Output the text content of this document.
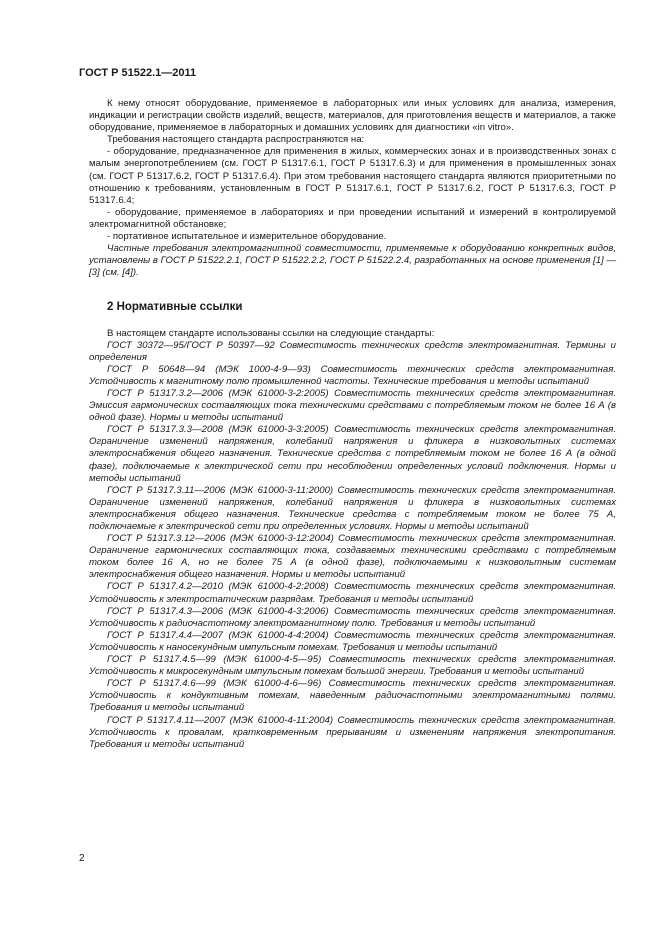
ГОСТ Р 51522.1—2011

К нему относят оборудование, применяемое в лабораторных или иных условиях для анализа, измерения, индикации и регистрации свойств изделий, веществ, материалов, для приготовления веществ и материалов, а также оборудование, применяемое в лабораторных и домашних условиях для диагностики «in vitro».

Требования настоящего стандарта распространяются на:

- оборудование, предназначенное для применения в жилых, коммерческих зонах и в производственных зонах с малым энергопотреблением (см. ГОСТ Р 51317.6.1, ГОСТ Р 51317.6.3) и для применения в промышленных зонах (см. ГОСТ Р 51317.6.2, ГОСТ Р 51317.6.4). При этом требования настоящего стандарта являются приоритетными по отношению к требованиям, установленным в ГОСТ Р 51317.6.1, ГОСТ Р 51317.6.2, ГОСТ Р 51317.6.3, ГОСТ Р 51317.6.4;

- оборудование, применяемое в лабораториях и при проведении испытаний и измерений в контролируемой электромагнитной обстановке;

- портативное испытательное и измерительное оборудование.

Частные требования электромагнитной совместимости, применяемые к оборудованию конкретных видов, установлены в ГОСТ Р 51522.2.1, ГОСТ Р 51522.2.2, ГОСТ Р 51522.2.4, разработанных на основе применения [1] — [3] (см. [4]).

2 Нормативные ссылки

В настоящем стандарте использованы ссылки на следующие стандарты:

ГОСТ 30372—95/ГОСТ Р 50397—92 Совместимость технических средств электромагнитная. Термины и определения

ГОСТ Р 50648—94 (МЭК 1000-4-9—93) Совместимость технических средств электромагнитная. Устойчивость к магнитному полю промышленной частоты. Технические требования и методы испытаний

ГОСТ Р 51317.3.2—2006 (МЭК 61000-3-2:2005) Совместимость технических средств электромагнитная. Эмиссия гармонических составляющих тока техническими средствами с потребляемым током не более 16 А (в одной фазе). Нормы и методы испытаний

ГОСТ Р 51317.3.3—2008 (МЭК 61000-3-3:2005) Совместимость технических средств электромагнитная. Ограничение изменений напряжения, колебаний напряжения и фликера в низковольтных системах электроснабжения общего назначения. Технические средства с потребляемым током не более 16 А (в одной фазе), подключаемые к электрической сети при несоблюдении определенных условий подключения. Нормы и методы испытаний

ГОСТ Р 51317.3.11—2006 (МЭК 61000-3-11:2000) Совместимость технических средств электромагнитная. Ограничение изменений напряжения, колебаний напряжения и фликера в низковольтных системах электроснабжения общего назначения. Технические средства с потребляемым током не более 75 А, подключаемые к электрической сети при определенных условиях. Нормы и методы испытаний

ГОСТ Р 51317.3.12—2006 (МЭК 61000-3-12:2004) Совместимость технических средств электромагнитная. Ограничение гармонических составляющих тока, создаваемых техническими средствами с потребляемым током более 16 А, но не более 75 А (в одной фазе), подключаемыми к низковольтным системам электроснабжения общего назначения. Нормы и методы испытаний

ГОСТ Р 51317.4.2—2010 (МЭК 61000-4-2:2008) Совместимость технических средств электромагнитная. Устойчивость к электростатическим разрядам. Требования и методы испытаний

ГОСТ Р 51317.4.3—2006 (МЭК 61000-4-3:2006) Совместимость технических средств электромагнитная. Устойчивость к радиочастотному электромагнитному полю. Требования и методы испытаний

ГОСТ Р 51317.4.4—2007 (МЭК 61000-4-4:2004) Совместимость технических средств электромагнитная. Устойчивость к наносекундным импульсным помехам. Требования и методы испытаний

ГОСТ Р 51317.4.5—99 (МЭК 61000-4-5—95) Совместимость технических средств электромагнитная. Устойчивость к микросекундным импульсным помехам большой энергии. Требования и методы испытаний

ГОСТ Р 51317.4.6—99 (МЭК 61000-4-6—96) Совместимость технических средств электромагнитная. Устойчивость к кондуктивным помехам, наведенным радиочастотными электромагнитными полями. Требования и методы испытаний

ГОСТ Р 51317.4.11—2007 (МЭК 61000-4-11:2004) Совместимость технических средств электромагнитная. Устойчивость к провалам, кратковременным прерываниям и изменениям напряжения электропитания. Требования и методы испытаний

2
